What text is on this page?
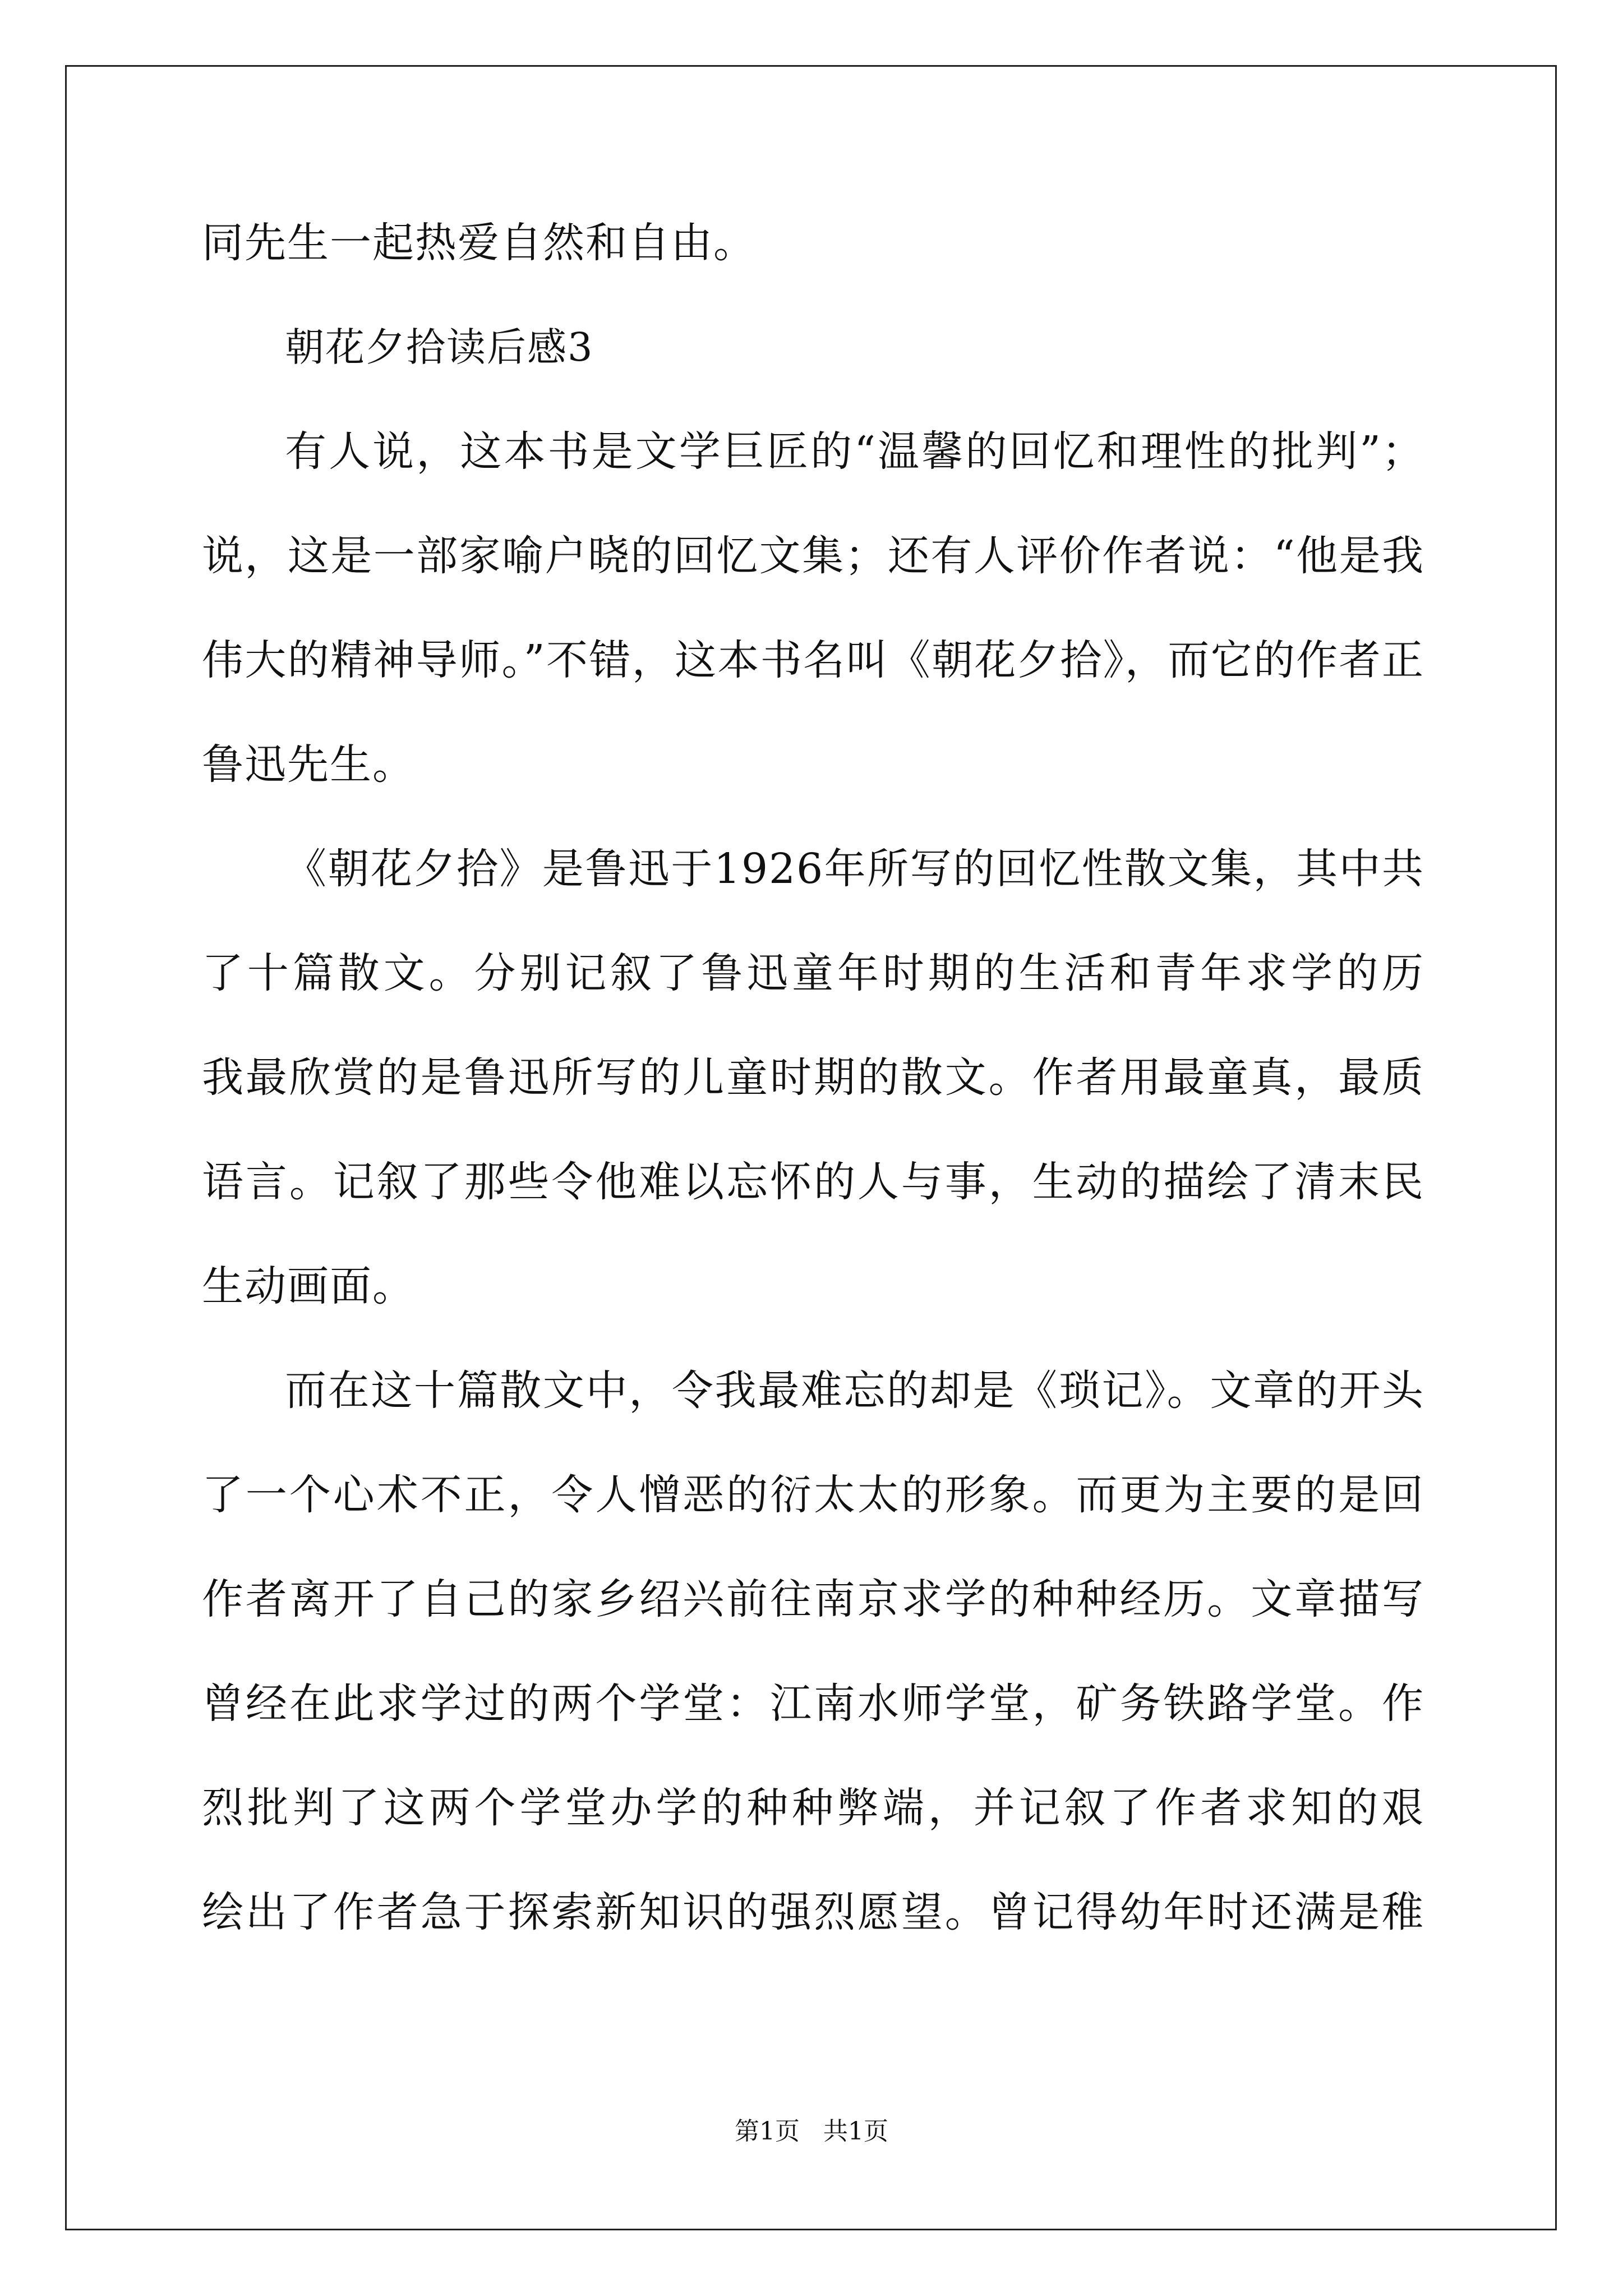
同先生一起热爱自然和自由。
朝花夕拾读后感3
有人说，这本书是文学巨匠的“温馨的回忆和理性的批判”；
说，这是一部家喻户晓的回忆文集；还有人评价作者说：“他是我
伟大的精神导师。”不错，这本书名叫《朝花夕拾》，而它的作者正
鲁迅先生。
《朝花夕拾》是鲁迅于1926年所写的回忆性散文集，其中共
了十篇散文。分别记叙了鲁迅童年时期的生活和青年求学的历
我最欣赏的是鲁迅所写的儿童时期的散文。作者用最童真，最质
语言。记叙了那些令他难以忘怀的人与事，生动的描绘了清末民
生动画面。
而在这十篇散文中，令我最难忘的却是《琐记》。文章的开头
了一个心术不正，令人憎恶的衍太太的形象。而更为主要的是回
作者离开了自己的家乡绍兴前往南京求学的种种经历。文章描写
曾经在此求学过的两个学堂：江南水师学堂，矿务铁路学堂。作
烈批判了这两个学堂办学的种种弊端，并记叙了作者求知的艰
绘出了作者急于探索新知识的强烈愿望。曾记得幼年时还满是稚
第1页   共1页
